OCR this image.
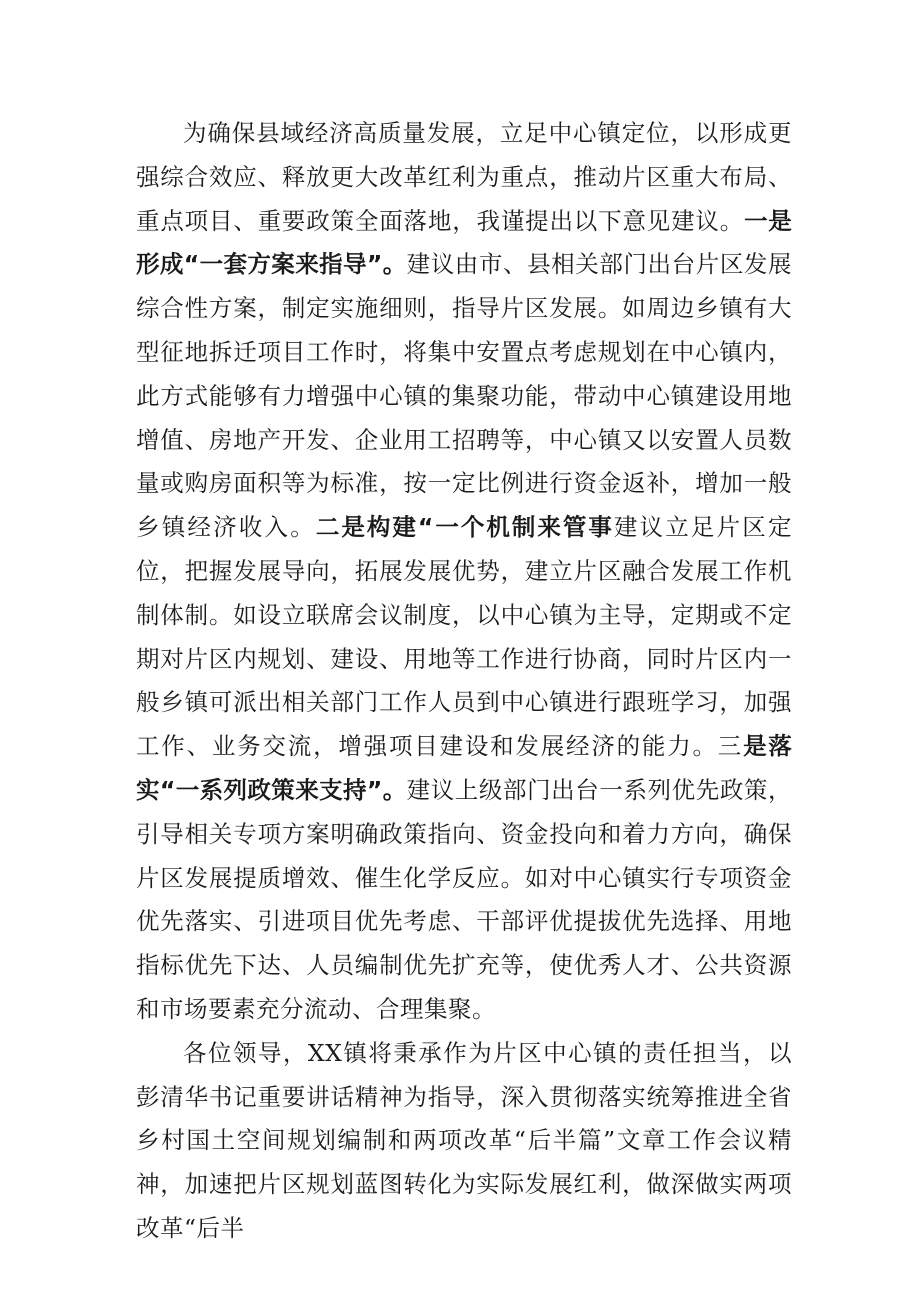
为确保县域经济高质量发展，立足中心镇定位，以形成更强综合效应、释放更大改革红利为重点，推动片区重大布局、重点项目、重要政策全面落地，我谨提出以下意见建议。一是形成“一套方案来指导”。建议由市、县相关部门出台片区发展综合性方案，制定实施细则，指导片区发展。如周边乡镇有大型征地拆迁项目工作时，将集中安置点考虑规划在中心镇内，此方式能够有力增强中心镇的集聚功能，带动中心镇建设用地增值、房地产开发、企业用工招聘等，中心镇又以安置人员数量或购房面积等为标准，按一定比例进行资金返补，增加一般乡镇经济收入。二是构建“一个机制来管事建议立足片区定位，把握发展导向，拓展发展优势，建立片区融合发展工作机制体制。如设立联席会议制度，以中心镇为主导，定期或不定期对片区内规划、建设、用地等工作进行协商，同时片区内一般乡镇可派出相关部门工作人员到中心镇进行跟班学习，加强工作、业务交流，增强项目建设和发展经济的能力。三是落实“一系列政策来支持”。建议上级部门出台一系列优先政策，引导相关专项方案明确政策指向、资金投向和着力方向，确保片区发展提质增效、催生化学反应。如对中心镇实行专项资金优先落实、引进项目优先考虑、干部评优提拔优先选择、用地指标优先下达、人员编制优先扩充等，使优秀人才、公共资源和市场要素充分流动、合理集聚。

各位领导，XX镇将秉承作为片区中心镇的责任担当，以彭清华书记重要讲话精神为指导，深入贯彻落实统筹推进全省乡村国土空间规划编制和两项改革“后半篇”文章工作会议精神，加速把片区规划蓝图转化为实际发展红利，做深做实两项改革“后半
